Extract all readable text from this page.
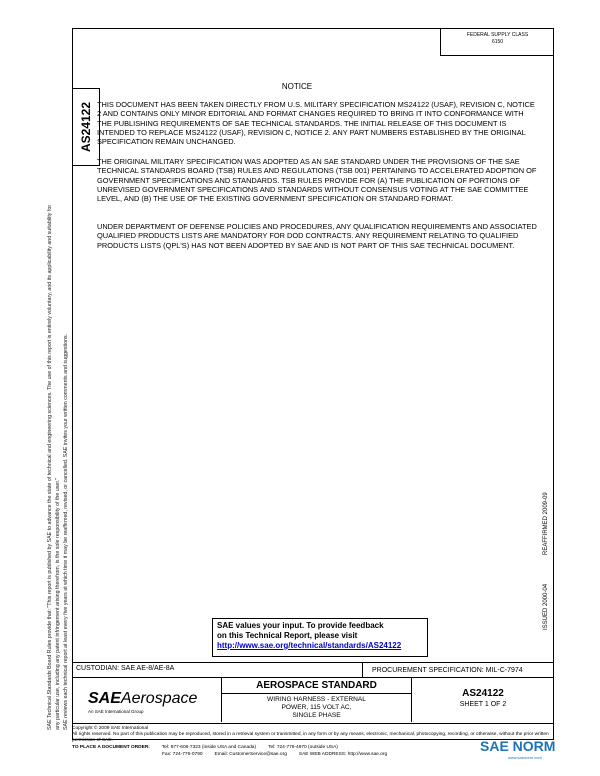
FEDERAL SUPPLY CLASS
6150
AS24122
NOTICE
THIS DOCUMENT HAS BEEN TAKEN DIRECTLY FROM U.S. MILITARY SPECIFICATION MS24122 (USAF), REVISION C, NOTICE 2 AND CONTAINS ONLY MINOR EDITORIAL AND FORMAT CHANGES REQUIRED TO BRING IT INTO CONFORMANCE WITH THE PUBLISHING REQUIREMENTS OF SAE TECHNICAL STANDARDS. THE INITIAL RELEASE OF THIS DOCUMENT IS INTENDED TO REPLACE MS24122 (USAF), REVISION C, NOTICE 2. ANY PART NUMBERS ESTABLISHED BY THE ORIGINAL SPECIFICATION REMAIN UNCHANGED.
THE ORIGINAL MILITARY SPECIFICATION WAS ADOPTED AS AN SAE STANDARD UNDER THE PROVISIONS OF THE SAE TECHNICAL STANDARDS BOARD (TSB) RULES AND REGULATIONS (TSB 001) PERTAINING TO ACCELERATED ADOPTION OF GOVERNMENT SPECIFICATIONS AND STANDARDS. TSB RULES PROVIDE FOR (A) THE PUBLICATION OF PORTIONS OF UNREVISED GOVERNMENT SPECIFICATIONS AND STANDARDS WITHOUT CONSENSUS VOTING AT THE SAE COMMITTEE LEVEL, AND (B) THE USE OF THE EXISTING GOVERNMENT SPECIFICATION OR STANDARD FORMAT.
UNDER DEPARTMENT OF DEFENSE POLICIES AND PROCEDURES, ANY QUALIFICATION REQUIREMENTS AND ASSOCIATED QUALIFIED PRODUCTS LISTS ARE MANDATORY FOR DOD CONTRACTS. ANY REQUIREMENT RELATING TO QUALIFIED PRODUCTS LISTS (QPL'S) HAS NOT BEEN ADOPTED BY SAE AND IS NOT PART OF THIS SAE TECHNICAL DOCUMENT.
SAE Technical Standards Board Rules provide that: "This report is published by SAE to advance the state of technical and engineering sciences. The use of this report is entirely voluntary, and its applicability and suitability for any particular use, including any patent infringement arising therefrom, is the sole responsibility of the user." SAE reviews each technical report at least every five years at which time it may be reaffirmed, revised, or cancelled. SAE invites your written comments and suggestions.	REAFFIRMED 2009-09
ISSUED 2000-04
SAE values your input. To provide feedback
on this Technical Report, please visit
http://www.sae.org/technical/standards/AS24122
CUSTODIAN: SAE AE-8/AE-8A	PROCUREMENT SPECIFICATION: MIL-C-7974
SAEAerospace
An SAE International Group
AEROSPACE STANDARD
WIRING HARNESS - EXTERNAL
POWER, 115 VOLT AC,
SINGLE PHASE
AS24122
SHEET 1 OF 2
Copyright © 2009 SAE International
All rights reserved. No part of this publication may be reproduced, stored in a retrieval system or transmitted, in any form or by any means, electronic, mechanical, photocopying, recording, or otherwise, without the prior written permission of SAE.
TO PLACE A DOCUMENT ORDER:	Tel: 877-606-7323 (inside USA and Canada)	Tel: 724-776-4970 (outside USA)
Fax: 724-776-0790	Email: CustomerService@sae.org	SAE WEB ADDRESS: http://www.sae.org
SAE NORM
www.saenorm.com
